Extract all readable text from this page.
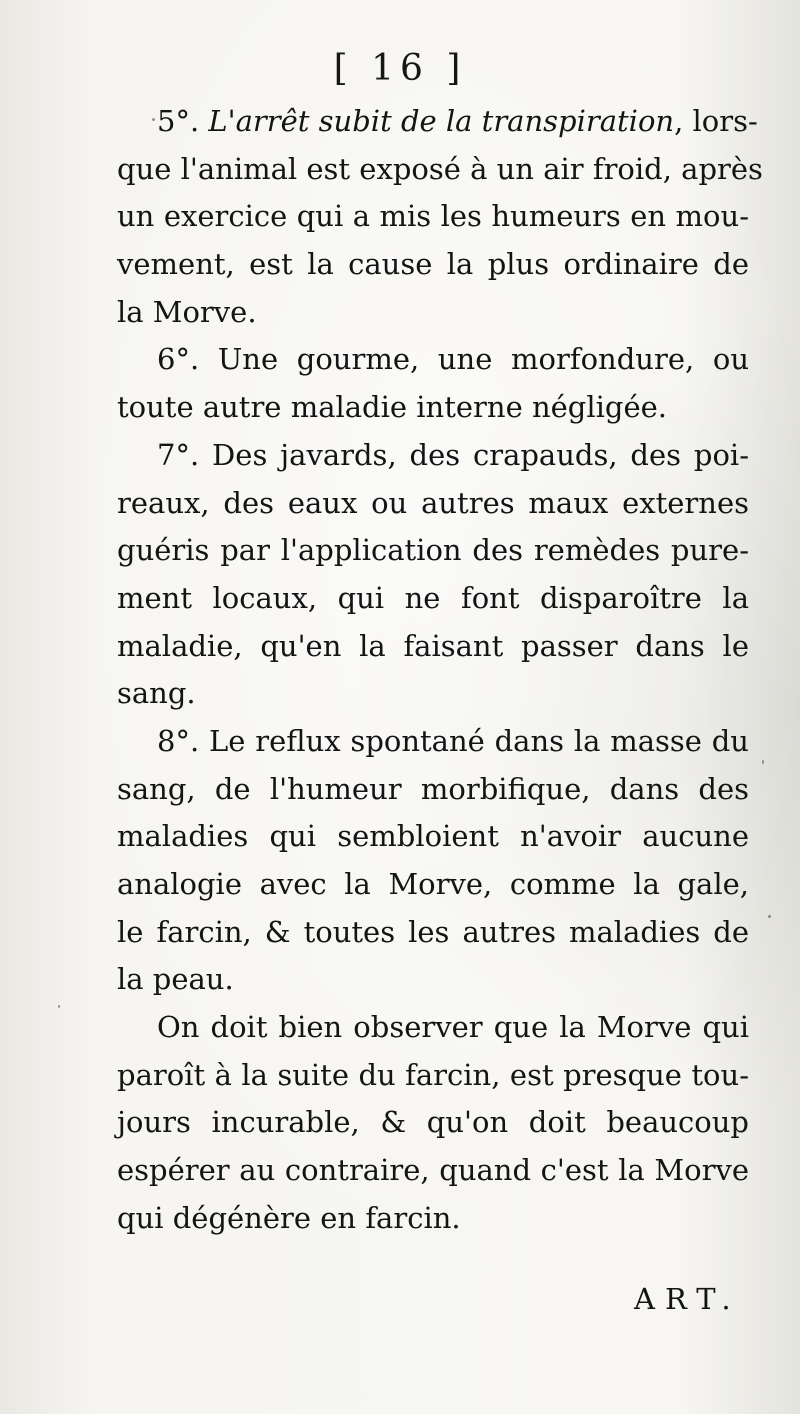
[ 16 ]

5°. L'arrêt subit de la transpiration, lors-
que l'animal est exposé à un air froid, après
un exercice qui a mis les humeurs en mou-
vement, est la cause la plus ordinaire de
la Morve.

6°. Une gourme, une morfondure, ou
toute autre maladie interne négligée.

7°. Des javards, des crapauds, des poi-
reaux, des eaux ou autres maux externes
guéris par l'application des remèdes pure-
ment locaux, qui ne font disparoître la
maladie, qu'en la faisant passer dans le
sang.

8°. Le reflux spontané dans la masse du
sang, de l'humeur morbifique, dans des
maladies qui sembloient n'avoir aucune
analogie avec la Morve, comme la gale,
le farcin, & toutes les autres maladies de
la peau.

On doit bien observer que la Morve qui
paroît à la suite du farcin, est presque tou-
jours incurable, & qu'on doit beaucoup
espérer au contraire, quand c'est la Morve
qui dégénère en farcin.

ART.
